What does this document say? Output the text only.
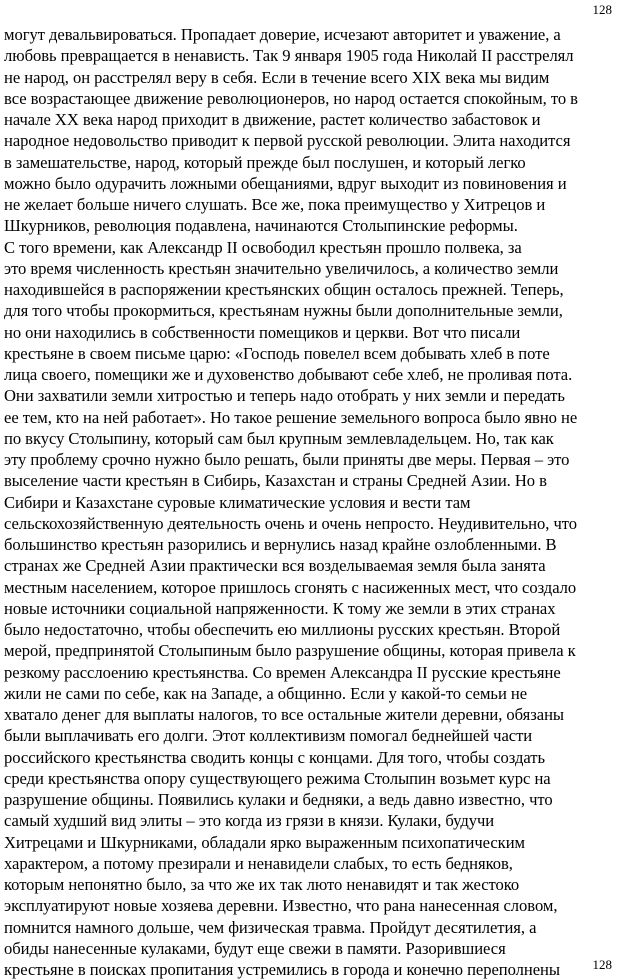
128
могут девальвироваться. Пропадает доверие, исчезают авторитет и уважение, а
любовь превращается в ненависть. Так 9 января 1905 года Николай II расстрелял
не народ, он расстрелял веру в себя. Если в течение всего XIX века мы видим
все возрастающее движение революционеров, но народ остается спокойным, то в
начале XX века народ приходит в движение, растет количество забастовок и
народное недовольство приводит к первой русской революции. Элита находится
в замешательстве, народ, который прежде был послушен, и который легко
можно было одурачить ложными обещаниями, вдруг выходит из повиновения и
не желает больше ничего слушать. Все же, пока преимущество у Хитрецов и
Шкурников, революция подавлена, начинаются Столыпинские реформы.
С того времени, как Александр II освободил крестьян прошло полвека, за
это время численность крестьян значительно увеличилось, а количество земли
находившейся в распоряжении крестьянских общин осталось прежней. Теперь,
для того чтобы прокормиться, крестьянам нужны были дополнительные земли,
но они находились в собственности помещиков и церкви. Вот что писали
крестьяне в своем письме царю: «Господь повелел всем добывать хлеб в поте
лица своего, помещики же и духовенство добывают себе хлеб, не проливая пота.
Они захватили земли хитростью и теперь надо отобрать у них земли и передать
ее тем, кто на ней работает». Но такое решение земельного вопроса было явно не
по вкусу Столыпину, который сам был крупным землевладельцем. Но, так как
эту проблему срочно нужно было решать, были приняты две меры. Первая – это
выселение части крестьян в Сибирь, Казахстан и страны Средней Азии. Но в
Сибири и Казахстане суровые климатические условия и вести там
сельскохозяйственную деятельность очень и очень непросто. Неудивительно, что
большинство крестьян разорились и вернулись назад крайне озлобленными. В
странах же Средней Азии практически вся возделываемая земля была занята
местным населением, которое пришлось сгонять с насиженных мест, что создало
новые источники социальной напряженности. К тому же земли в этих странах
было недостаточно, чтобы обеспечить ею миллионы русских крестьян. Второй
мерой, предпринятой Столыпиным было разрушение общины, которая привела к
резкому расслоению крестьянства. Со времен Александра II русские крестьяне
жили не сами по себе, как на Западе, а общинно. Если у какой-то семьи не
хватало денег для выплаты налогов, то все остальные жители деревни, обязаны
были выплачивать его долги. Этот коллективизм помогал беднейшей части
российского крестьянства сводить концы с концами. Для того, чтобы создать
среди крестьянства опору существующего режима Столыпин возьмет курс на
разрушение общины. Появились кулаки и бедняки, а ведь давно известно, что
самый худший вид элиты – это когда из грязи в князи. Кулаки, будучи
Хитрецами и Шкурниками, обладали ярко выраженным психопатическим
характером, а потому презирали и ненавидели слабых, то есть бедняков,
которым непонятно было, за что же их так люто ненавидят и так жестоко
эксплуатируют новые хозяева деревни. Известно, что рана нанесенная словом,
помнится намного дольше, чем физическая травма. Пройдут десятилетия, а
обиды нанесенные кулаками, будут еще свежи в памяти. Разорившиеся
крестьяне в поисках пропитания устремились в города и конечно переполнены	128
